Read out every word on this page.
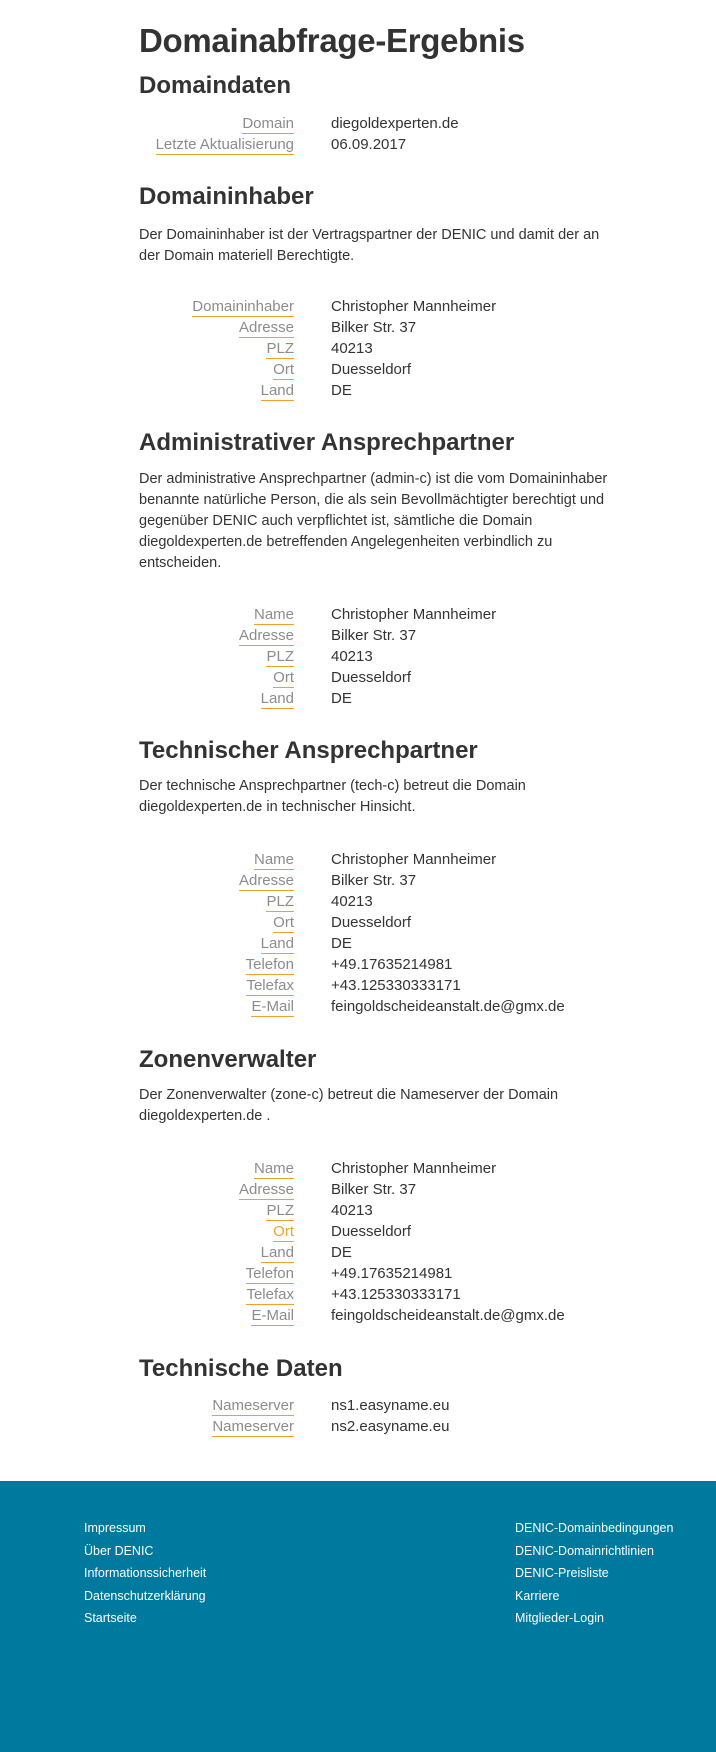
Domainabfrage-Ergebnis
Domaindaten
Domain diegoldexperten.de
Letzte Aktualisierung 06.09.2017
Domaininhaber

Der Domaininhaber ist der Vertragspartner der DENIC und damit der an der Domain materiell Berechtigte.

Domaininhaber Christopher Mannheimer
Adresse Bilker Str. 37
PLZ 40213
Ort Duesseldorf
Land DE
Administrativer Ansprechpartner

Der administrative Ansprechpartner (admin-c) ist die vom Domaininhaber benannte natürliche Person, die als sein Bevollmächtigter berechtigt und gegenüber DENIC auch verpflichtet ist, sämtliche die Domain diegoldexperten.de betreffenden Angelegenheiten verbindlich zu entscheiden.

Name Christopher Mannheimer
Adresse Bilker Str. 37
PLZ 40213
Ort Duesseldorf
Land DE
Technischer Ansprechpartner

Der technische Ansprechpartner (tech-c) betreut die Domain diegoldexperten.de in technischer Hinsicht.

Name Christopher Mannheimer
Adresse Bilker Str. 37
PLZ 40213
Ort Duesseldorf
Land DE
Telefon +49.17635214981
Telefax +43.125330333171
E-Mail feingoldscheideanstalt.de@gmx.de
Zonenverwalter

Der Zonenverwalter (zone-c) betreut die Nameserver der Domain diegoldexperten.de .

Name Christopher Mannheimer
Adresse Bilker Str. 37
PLZ 40213
Ort Duesseldorf
Land DE
Telefon +49.17635214981
Telefax +43.125330333171
E-Mail feingoldscheideanstalt.de@gmx.de
Technische Daten
Nameserver ns1.easyname.eu
Nameserver ns2.easyname.eu
Impressum
Über DENIC
Informationssicherheit
Datenschutzerklärung
Startseite
DENIC-Domainbedingungen
DENIC-Domainrichtlinien
DENIC-Preisliste
Karriere
Mitglieder-Login
